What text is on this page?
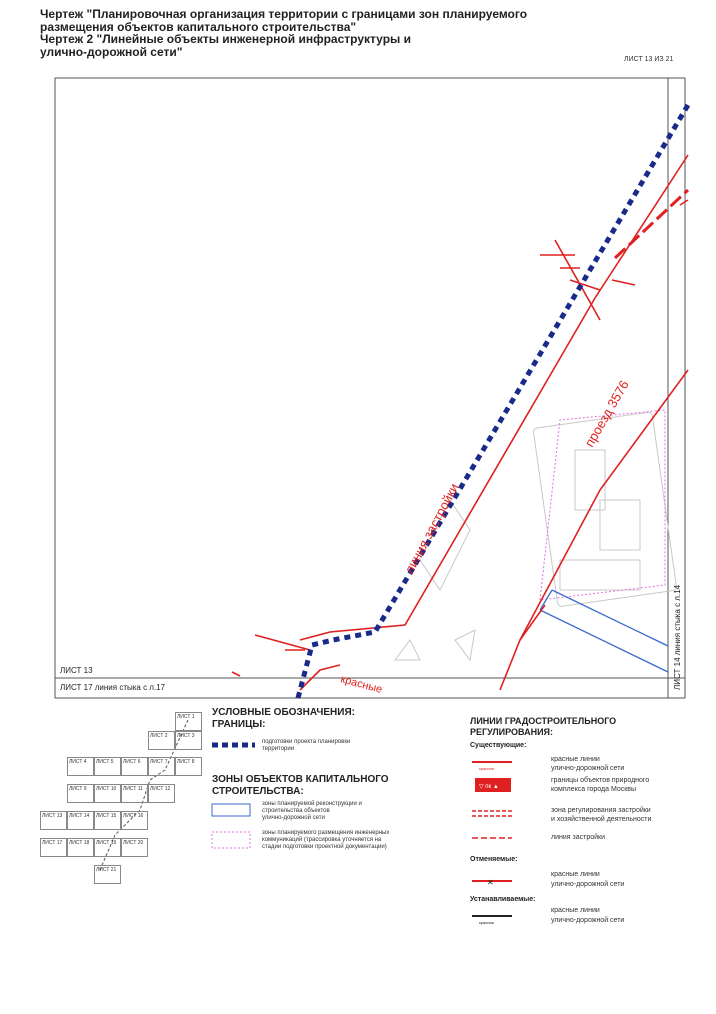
Чертеж "Планировочная организация территории с границами зон планируемого
размещения объектов капитального строительства"
Чертеж 2 "Линейные объекты инженерной инфраструктуры и
улично-дорожной сети"
ЛИСТ 13 ИЗ 21
проезд 3576
линия застройки
красные	ЛИСТ 14 линия стыка с л.14
красная
▽ пк ▲
✕
красная
ЛИСТ 13
ЛИСТ 17 линия стыка с л.17
ЛИСТ 1
ЛИСТ 2	ЛИСТ 3
ЛИСТ 4	ЛИСТ 5	ЛИСТ 6	ЛИСТ 7	ЛИСТ 8
ЛИСТ 9	ЛИСТ 10	ЛИСТ 11	ЛИСТ 12
ЛИСТ 13	ЛИСТ 14	ЛИСТ 15	ЛИСТ 16
ЛИСТ 17	ЛИСТ 18	ЛИСТ 19	ЛИСТ 20
ЛИСТ 21
УСЛОВНЫЕ ОБОЗНАЧЕНИЯ:
ГРАНИЦЫ:
подготовки проекта планировки
территории
ЗОНЫ ОБЪЕКТОВ КАПИТАЛЬНОГО
СТРОИТЕЛЬСТВА:
зоны планируемой реконструкции и
строительства объектов
улично-дорожной сети
зоны планируемого размещения инженерных
коммуникаций (трассировка уточняется на
стадии подготовки проектной документации)
ЛИНИИ ГРАДОСТРОИТЕЛЬНОГО
РЕГУЛИРОВАНИЯ:
Существующие:
красные линии
улично-дорожной сети
границы объектов природного
комплекса города Москвы
зона регулирования застройки
и хозяйственной деятельности
линия застройки
Отменяемые:
красные линии
улично-дорожной сети
Устанавливаемые:
красные линии
улично-дорожной сети
